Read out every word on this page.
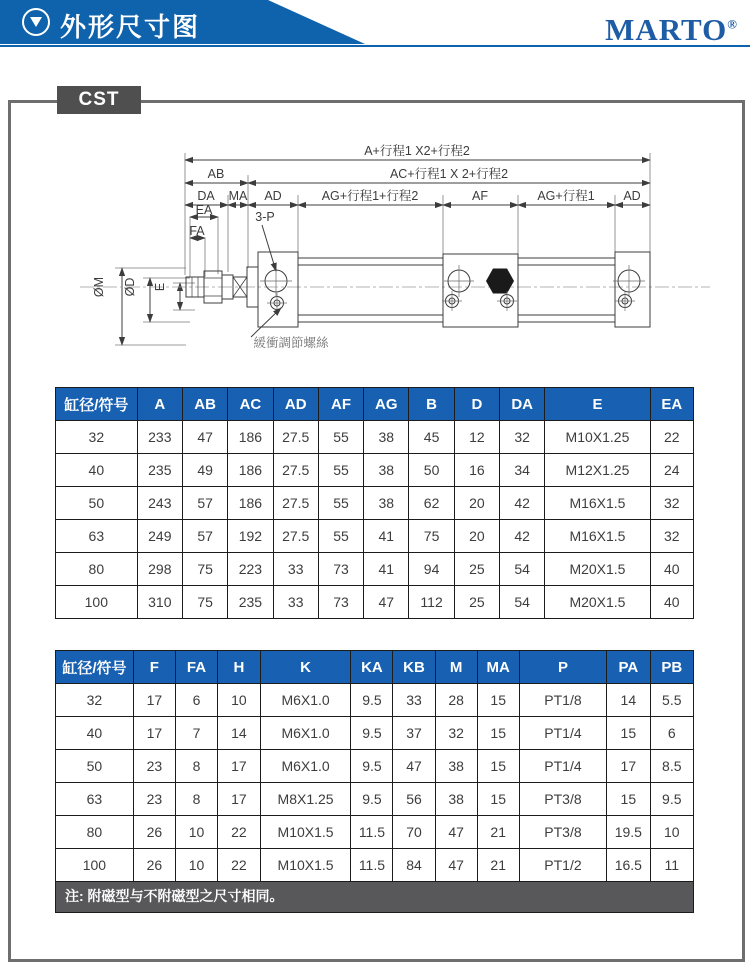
外形尺寸图	MARTO®
CST
A+行程1 X2+行程2
AB	AC+行程1 X 2+行程2
DA MA AD	AG+行程1+行程2	AF	AG+行程1 AD
EA
FA
ØM ØD E
3-P
緩衝調節螺絲
缸径/符号	A	AB	AC	AD	AF	AG	B	D	DA	E	EA
32	233	47	186	27.5	55	38	45	12	32	M10X1.25	22
40	235	49	186	27.5	55	38	50	16	34	M12X1.25	24
50	243	57	186	27.5	55	38	62	20	42	M16X1.5	32
63	249	57	192	27.5	55	41	75	20	42	M16X1.5	32
80	298	75	223	33	73	41	94	25	54	M20X1.5	40
100	310	75	235	33	73	47	112	25	54	M20X1.5	40
缸径/符号	F	FA	H	K	KA	KB	M	MA	P	PA	PB
32	17	6	10	M6X1.0	9.5	33	28	15	PT1/8	14	5.5
40	17	7	14	M6X1.0	9.5	37	32	15	PT1/4	15	6
50	23	8	17	M6X1.0	9.5	47	38	15	PT1/4	17	8.5
63	23	8	17	M8X1.25	9.5	56	38	15	PT3/8	15	9.5
80	26	10	22	M10X1.5	11.5	70	47	21	PT3/8	19.5	10
100	26	10	22	M10X1.5	11.5	84	47	21	PT1/2	16.5	11
注: 附磁型与不附磁型之尺寸相同。
